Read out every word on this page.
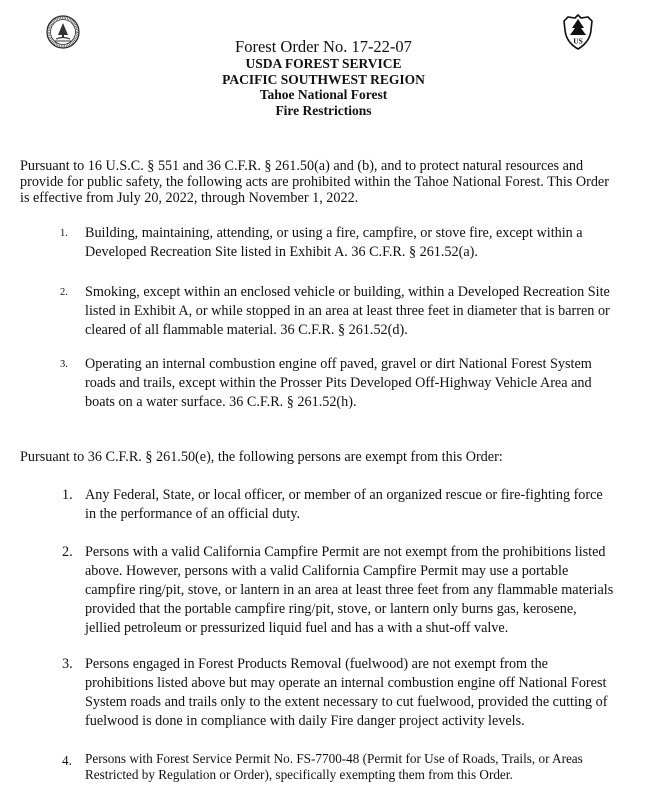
US
Forest Order No. 17-22-07
USDA FOREST SERVICE
PACIFIC SOUTHWEST REGION
Tahoe National Forest
Fire Restrictions

Pursuant to 16 U.S.C. § 551 and 36 C.F.R. § 261.50(a) and (b), and to protect natural resources and provide for public safety, the following acts are prohibited within the Tahoe National Forest. This Order is effective from July 20, 2022, through November 1, 2022.

1. Building, maintaining, attending, or using a fire, campfire, or stove fire, except within a Developed Recreation Site listed in Exhibit A. 36 C.F.R. § 261.52(a).
2. Smoking, except within an enclosed vehicle or building, within a Developed Recreation Site listed in Exhibit A, or while stopped in an area at least three feet in diameter that is barren or cleared of all flammable material. 36 C.F.R. § 261.52(d).
3. Operating an internal combustion engine off paved, gravel or dirt National Forest System roads and trails, except within the Prosser Pits Developed Off-Highway Vehicle Area and boats on a water surface. 36 C.F.R. § 261.52(h).

Pursuant to 36 C.F.R. § 261.50(e), the following persons are exempt from this Order:

1. Any Federal, State, or local officer, or member of an organized rescue or fire-fighting force in the performance of an official duty.
2. Persons with a valid California Campfire Permit are not exempt from the prohibitions listed above. However, persons with a valid California Campfire Permit may use a portable campfire ring/pit, stove, or lantern in an area at least three feet from any flammable materials provided that the portable campfire ring/pit, stove, or lantern only burns gas, kerosene, jellied petroleum or pressurized liquid fuel and has a with a shut-off valve.
3. Persons engaged in Forest Products Removal (fuelwood) are not exempt from the prohibitions listed above but may operate an internal combustion engine off National Forest System roads and trails only to the extent necessary to cut fuelwood, provided the cutting of fuelwood is done in compliance with daily Fire danger project activity levels.
4. Persons with Forest Service Permit No. FS-7700-48 (Permit for Use of Roads, Trails, or Areas Restricted by Regulation or Order), specifically exempting them from this Order.
